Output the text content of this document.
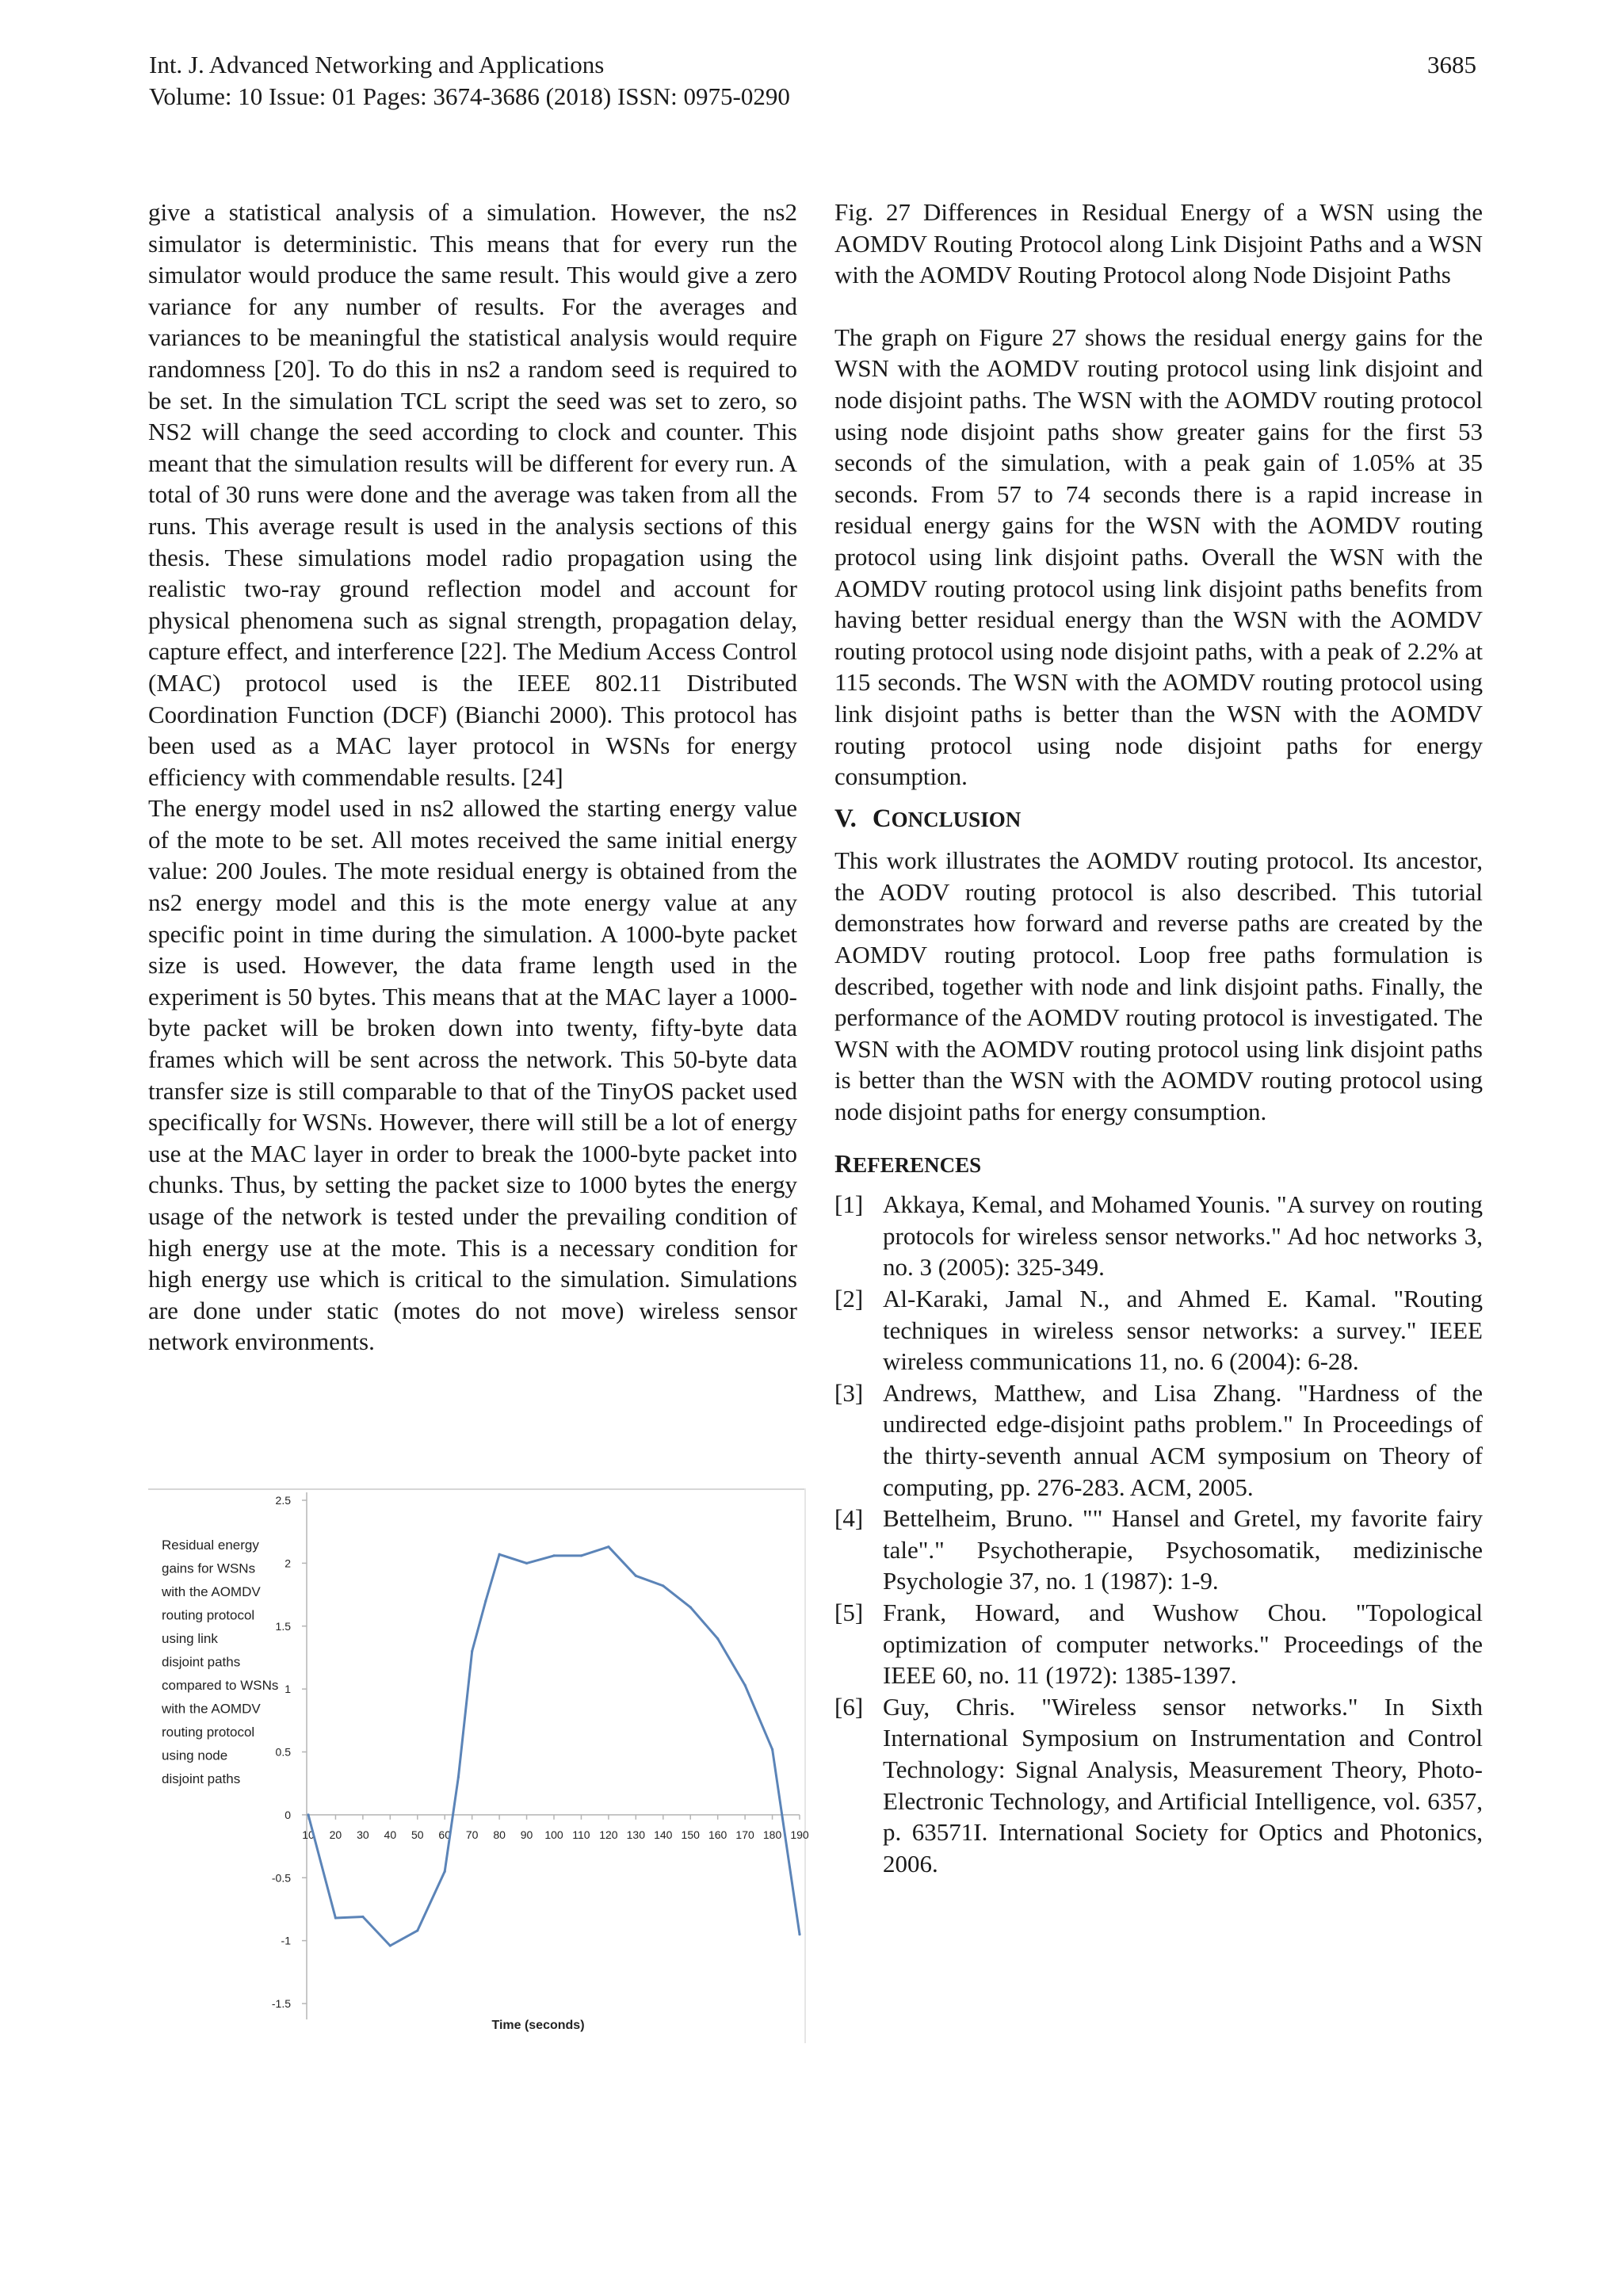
Int. J. Advanced Networking and Applications
Volume: 10 Issue: 01 Pages: 3674-3686 (2018) ISSN: 0975-0290
3685

give a statistical analysis of a simulation. However, the ns2 simulator is deterministic. This means that for every run the simulator would produce the same result. This would give a zero variance for any number of results. For the averages and variances to be meaningful the statistical analysis would require randomness [20]. To do this in ns2 a random seed is required to be set. In the simulation TCL script the seed was set to zero, so NS2 will change the seed according to clock and counter. This meant that the simulation results will be different for every run. A total of 30 runs were done and the average was taken from all the runs. This average result is used in the analysis sections of this thesis. These simulations model radio propagation using the realistic two-ray ground reflection model and account for physical phenomena such as signal strength, propagation delay, capture effect, and interference [22]. The Medium Access Control (MAC) protocol used is the IEEE 802.11 Distributed Coordination Function (DCF) (Bianchi 2000). This protocol has been used as a MAC layer protocol in WSNs for energy efficiency with commendable results. [24]

The energy model used in ns2 allowed the starting energy value of the mote to be set. All motes received the same initial energy value: 200 Joules. The mote residual energy is obtained from the ns2 energy model and this is the mote energy value at any specific point in time during the simulation. A 1000-byte packet size is used. However, the data frame length used in the experiment is 50 bytes. This means that at the MAC layer a 1000-byte packet will be broken down into twenty, fifty-byte data frames which will be sent across the network. This 50-byte data transfer size is still comparable to that of the TinyOS packet used specifically for WSNs. However, there will still be a lot of energy use at the MAC layer in order to break the 1000-byte packet into chunks. Thus, by setting the packet size to 1000 bytes the energy usage of the network is tested under the prevailing condition of high energy use at the mote. This is a necessary condition for high energy use which is critical to the simulation. Simulations are done under static (motes do not move) wireless sensor network environments.

2.5
2
1.5
1
0.5
0
-0.5
-1
-1.5
10 20 30 40 50 60 70 80 90 100 110 120 130 140 150 160 170 180 190
Time (seconds)
Residual energy gains for WSNs with the AOMDV routing protocol using link disjoint paths compared to WSNs with the AOMDV routing protocol using node disjoint paths

Fig. 27 Differences in Residual Energy of a WSN using the AOMDV Routing Protocol along Link Disjoint Paths and a WSN with the AOMDV Routing Protocol along Node Disjoint Paths

The graph on Figure 27 shows the residual energy gains for the WSN with the AOMDV routing protocol using link disjoint and node disjoint paths. The WSN with the AOMDV routing protocol using node disjoint paths show greater gains for the first 53 seconds of the simulation, with a peak gain of 1.05% at 35 seconds. From 57 to 74 seconds there is a rapid increase in residual energy gains for the WSN with the AOMDV routing protocol using link disjoint paths. Overall the WSN with the AOMDV routing protocol using link disjoint paths benefits from having better residual energy than the WSN with the AOMDV routing protocol using node disjoint paths, with a peak of 2.2% at 115 seconds. The WSN with the AOMDV routing protocol using link disjoint paths is better than the WSN with the AOMDV routing protocol using node disjoint paths for energy consumption.

V. CONCLUSION

This work illustrates the AOMDV routing protocol. Its ancestor, the AODV routing protocol is also described. This tutorial demonstrates how forward and reverse paths are created by the AOMDV routing protocol. Loop free paths formulation is described, together with node and link disjoint paths. Finally, the performance of the AOMDV routing protocol is investigated. The WSN with the AOMDV routing protocol using link disjoint paths is better than the WSN with the AOMDV routing protocol using node disjoint paths for energy consumption.

REFERENCES

[1] Akkaya, Kemal, and Mohamed Younis. "A survey on routing protocols for wireless sensor networks." Ad hoc networks 3, no. 3 (2005): 325-349.
[2] Al-Karaki, Jamal N., and Ahmed E. Kamal. "Routing techniques in wireless sensor networks: a survey." IEEE wireless communications 11, no. 6 (2004): 6-28.
[3] Andrews, Matthew, and Lisa Zhang. "Hardness of the undirected edge-disjoint paths problem." In Proceedings of the thirty-seventh annual ACM symposium on Theory of computing, pp. 276-283. ACM, 2005.
[4] Bettelheim, Bruno. "" Hansel and Gretel, my favorite fairy tale"." Psychotherapie, Psychosomatik, medizinische Psychologie 37, no. 1 (1987): 1-9.
[5] Frank, Howard, and Wushow Chou. "Topological optimization of computer networks." Proceedings of the IEEE 60, no. 11 (1972): 1385-1397.
[6] Guy, Chris. "Wireless sensor networks." In Sixth International Symposium on Instrumentation and Control Technology: Signal Analysis, Measurement Theory, Photo-Electronic Technology, and Artificial Intelligence, vol. 6357, p. 63571I. International Society for Optics and Photonics, 2006.
